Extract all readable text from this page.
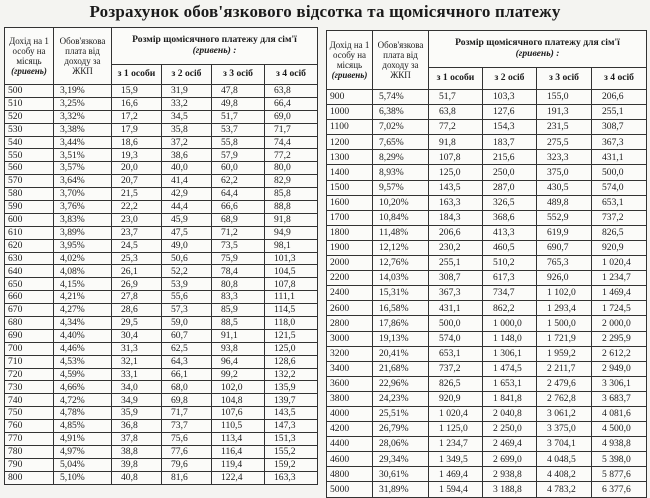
Розрахунок обов'язкового відсотка та щомісячного платежу
Дохід на 1
особу на
місяць
(гривень)	Обов'язкова
плата від
доходу за
ЖКП	Розмір щомісячного платежу для сім'ї
(гривень) :			
		з 1 особи	з 2 осіб	з 3 осіб	з 4 осіб
500	3,19%	15,9	31,9	47,8	63,8
510	3,25%	16,6	33,2	49,8	66,4
520	3,32%	17,2	34,5	51,7	69,0
530	3,38%	17,9	35,8	53,7	71,7
540	3,44%	18,6	37,2	55,8	74,4
550	3,51%	19,3	38,6	57,9	77,2
560	3,57%	20,0	40,0	60,0	80,0
570	3,64%	20,7	41,4	62,2	82,9
580	3,70%	21,5	42,9	64,4	85,8
590	3,76%	22,2	44,4	66,6	88,8
600	3,83%	23,0	45,9	68,9	91,8
610	3,89%	23,7	47,5	71,2	94,9
620	3,95%	24,5	49,0	73,5	98,1
630	4,02%	25,3	50,6	75,9	101,3
640	4,08%	26,1	52,2	78,4	104,5
650	4,15%	26,9	53,9	80,8	107,8
660	4,21%	27,8	55,6	83,3	111,1
670	4,27%	28,6	57,3	85,9	114,5
680	4,34%	29,5	59,0	88,5	118,0
690	4,40%	30,4	60,7	91,1	121,5
700	4,46%	31,3	62,5	93,8	125,0
710	4,53%	32,1	64,3	96,4	128,6
720	4,59%	33,1	66,1	99,2	132,2
730	4,66%	34,0	68,0	102,0	135,9
740	4,72%	34,9	69,8	104,8	139,7
750	4,78%	35,9	71,7	107,6	143,5
760	4,85%	36,8	73,7	110,5	147,3
770	4,91%	37,8	75,6	113,4	151,3
780	4,97%	38,8	77,6	116,4	155,2
790	5,04%	39,8	79,6	119,4	159,2
800	5,10%	40,8	81,6	122,4	163,3
Дохід на 1
особу на
місяць
(гривень)	Обов'язкова
плата від
доходу за
ЖКП	Розмір щомісячного платежу для сім'ї
(гривень) :			
		з 1 особи	з 2 осіб	з 3 осіб	з 4 осіб
900	5,74%	51,7	103,3	155,0	206,6
1000	6,38%	63,8	127,6	191,3	255,1
1100	7,02%	77,2	154,3	231,5	308,7
1200	7,65%	91,8	183,7	275,5	367,3
1300	8,29%	107,8	215,6	323,3	431,1
1400	8,93%	125,0	250,0	375,0	500,0
1500	9,57%	143,5	287,0	430,5	574,0
1600	10,20%	163,3	326,5	489,8	653,1
1700	10,84%	184,3	368,6	552,9	737,2
1800	11,48%	206,6	413,3	619,9	826,5
1900	12,12%	230,2	460,5	690,7	920,9
2000	12,76%	255,1	510,2	765,3	1 020,4
2200	14,03%	308,7	617,3	926,0	1 234,7
2400	15,31%	367,3	734,7	1 102,0	1 469,4
2600	16,58%	431,1	862,2	1 293,4	1 724,5
2800	17,86%	500,0	1 000,0	1 500,0	2 000,0
3000	19,13%	574,0	1 148,0	1 721,9	2 295,9
3200	20,41%	653,1	1 306,1	1 959,2	2 612,2
3400	21,68%	737,2	1 474,5	2 211,7	2 949,0
3600	22,96%	826,5	1 653,1	2 479,6	3 306,1
3800	24,23%	920,9	1 841,8	2 762,8	3 683,7
4000	25,51%	1 020,4	2 040,8	3 061,2	4 081,6
4200	26,79%	1 125,0	2 250,0	3 375,0	4 500,0
4400	28,06%	1 234,7	2 469,4	3 704,1	4 938,8
4600	29,34%	1 349,5	2 699,0	4 048,5	5 398,0
4800	30,61%	1 469,4	2 938,8	4 408,2	5 877,6
5000	31,89%	1 594,4	3 188,8	4 783,2	6 377,6
